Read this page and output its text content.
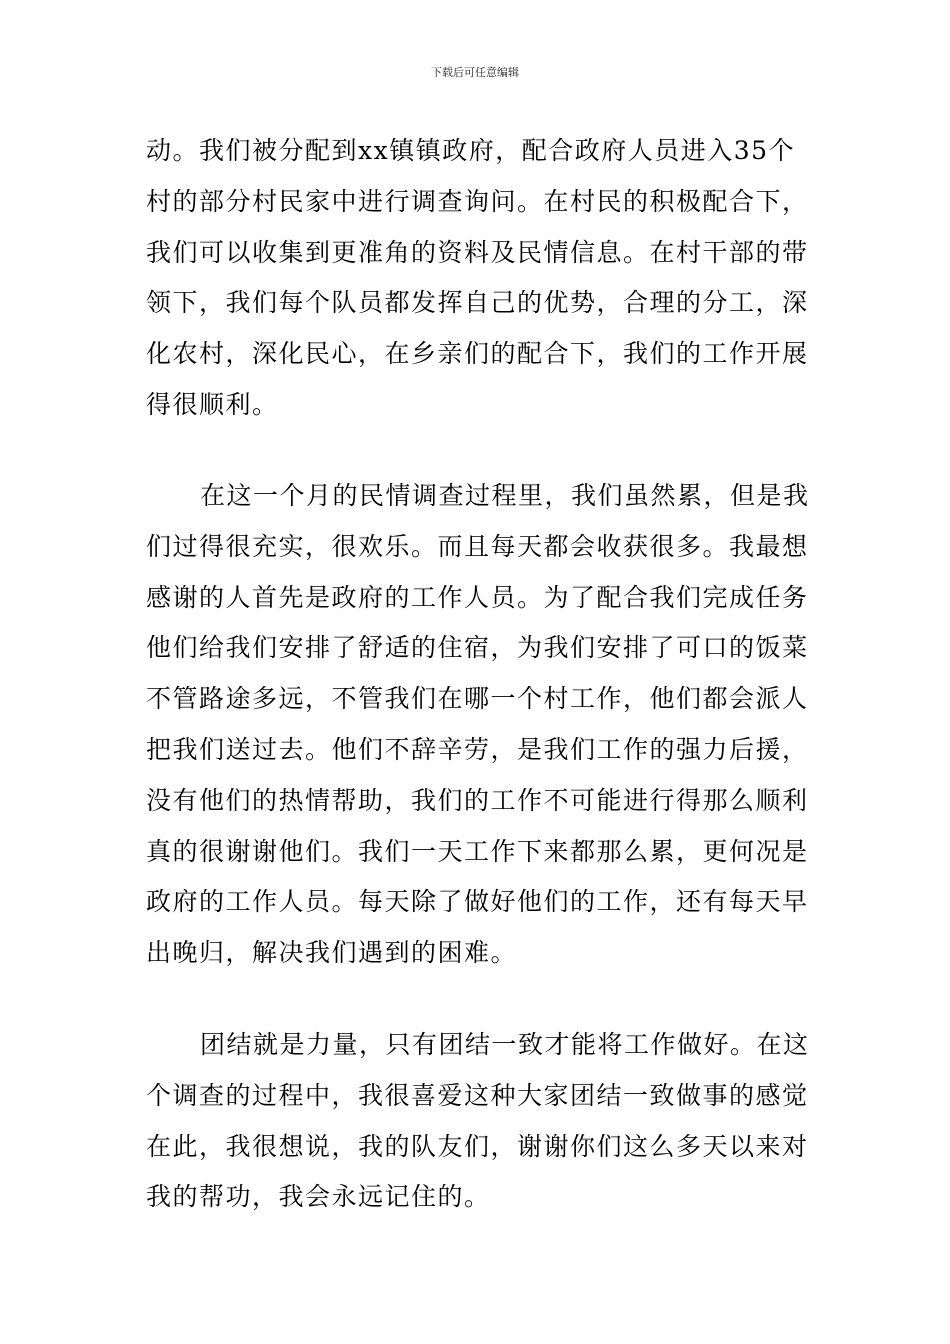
下载后可任意编辑

动。我们被分配到xx镇镇政府，配合政府人员进入35个村的部分村民家中进行调查询问。在村民的积极配合下，我们可以收集到更准角的资料及民情信息。在村干部的带领下，我们每个队员都发挥自己的优势，合理的分工，深化农村，深化民心，在乡亲们的配合下，我们的工作开展得很顺利。

在这一个月的民情调查过程里，我们虽然累，但是我们过得很充实，很欢乐。而且每天都会收获很多。我最想感谢的人首先是政府的工作人员。为了配合我们完成任务他们给我们安排了舒适的住宿，为我们安排了可口的饭菜不管路途多远，不管我们在哪一个村工作，他们都会派人把我们送过去。他们不辞辛劳，是我们工作的强力后援，没有他们的热情帮助，我们的工作不可能进行得那么顺利真的很谢谢他们。我们一天工作下来都那么累，更何况是政府的工作人员。每天除了做好他们的工作，还有每天早出晚归，解决我们遇到的困难。

团结就是力量，只有团结一致才能将工作做好。在这个调查的过程中，我很喜爱这种大家团结一致做事的感觉在此，我很想说，我的队友们，谢谢你们这么多天以来对我的帮功，我会永远记住的。
